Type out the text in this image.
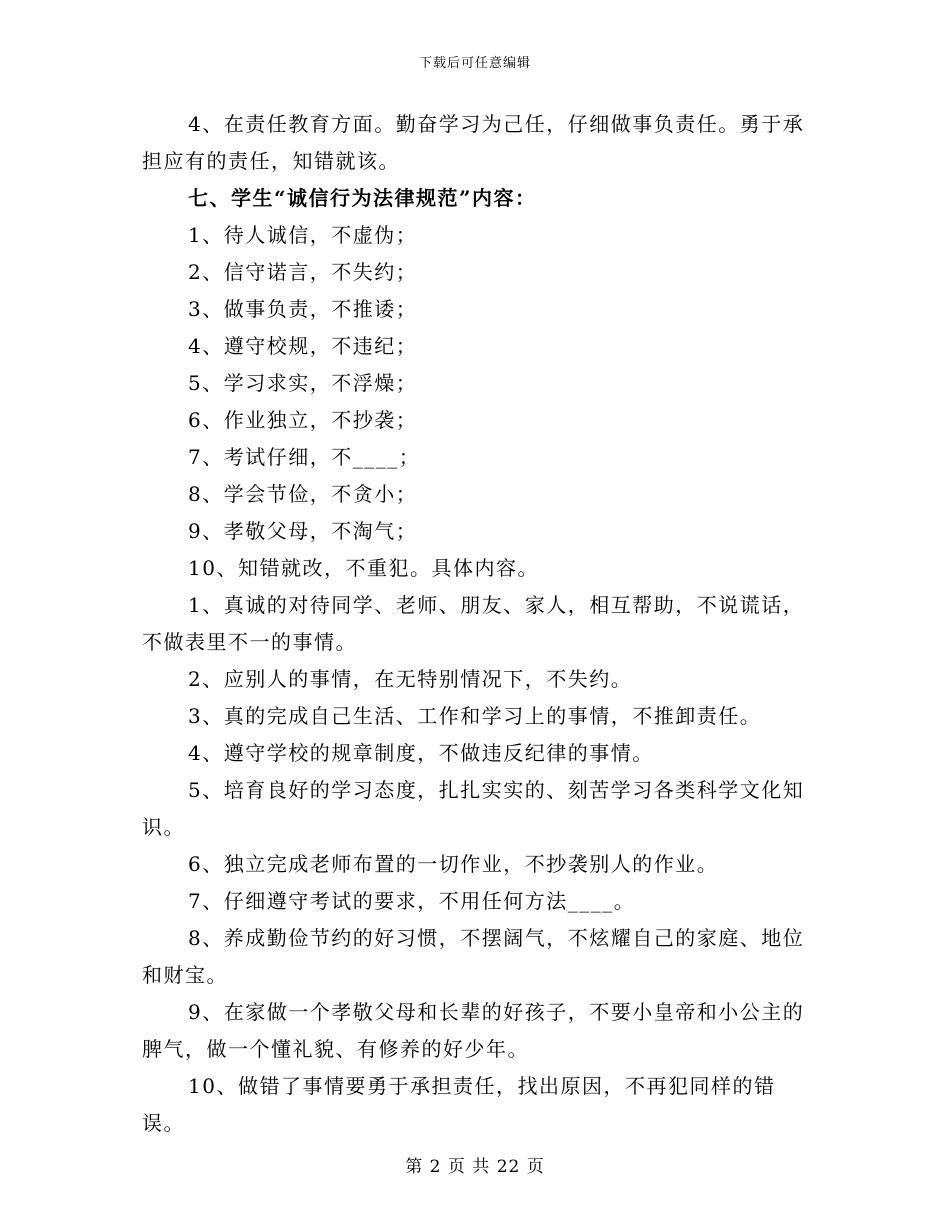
下载后可任意编辑

4、在责任教育方面。勤奋学习为己任，仔细做事负责任。勇于承担应有的责任，知错就该。

七、学生“诚信行为法律规范”内容：

1、待人诚信，不虚伪；

2、信守诺言，不失约；

3、做事负责，不推诿；

4、遵守校规，不违纪；

5、学习求实，不浮燥；

6、作业独立，不抄袭；

7、考试仔细，不____；

8、学会节俭，不贪小；

9、孝敬父母，不淘气；

10、知错就改，不重犯。具体内容。

1、真诚的对待同学、老师、朋友、家人，相互帮助，不说谎话，不做表里不一的事情。

2、应别人的事情，在无特别情况下，不失约。

3、真的完成自己生活、工作和学习上的事情，不推卸责任。

4、遵守学校的规章制度，不做违反纪律的事情。

5、培育良好的学习态度，扎扎实实的、刻苦学习各类科学文化知识。

6、独立完成老师布置的一切作业，不抄袭别人的作业。

7、仔细遵守考试的要求，不用任何方法____。

8、养成勤俭节约的好习惯，不摆阔气，不炫耀自己的家庭、地位和财宝。

9、在家做一个孝敬父母和长辈的好孩子，不要小皇帝和小公主的脾气，做一个懂礼貌、有修养的好少年。

10、做错了事情要勇于承担责任，找出原因，不再犯同样的错误。

第 2 页 共 22 页
